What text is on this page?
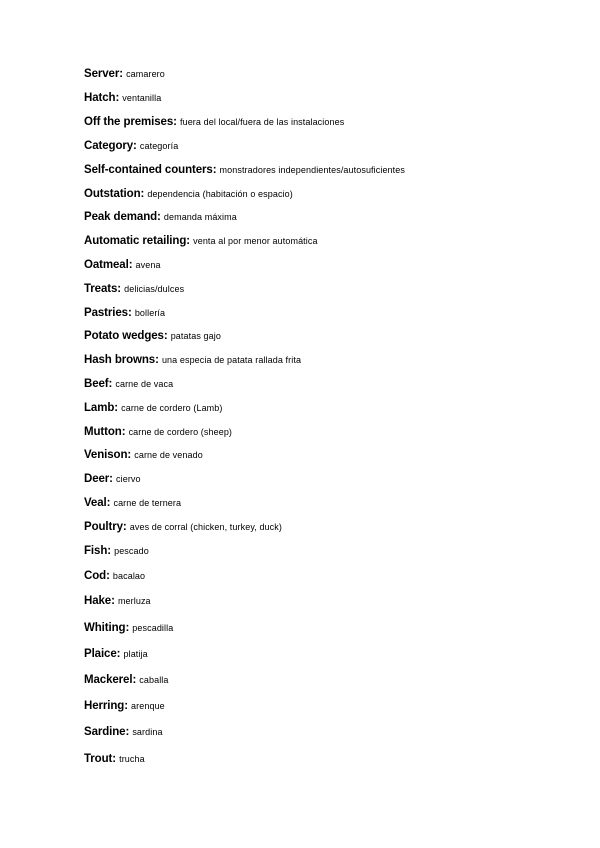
Server: camarero
Hatch: ventanilla
Off the premises: fuera del local/fuera de las instalaciones
Category: categoría
Self-contained counters: monstradores independientes/autosuficientes
Outstation: dependencia (habitación o espacio)
Peak demand: demanda máxima
Automatic retailing: venta al por menor automática
Oatmeal: avena
Treats: delicias/dulces
Pastries: bollería
Potato wedges: patatas gajo
Hash browns: una especia de patata rallada frita
Beef: carne de vaca
Lamb: carne de cordero (Lamb)
Mutton: carne de cordero (sheep)
Venison: carne de venado
Deer: ciervo
Veal: carne de ternera
Poultry: aves de corral (chicken, turkey, duck)
Fish: pescado
Cod: bacalao
Hake: merluza
Whiting: pescadilla
Plaice: platija
Mackerel: caballa
Herring: arenque
Sardine: sardina
Trout: trucha
